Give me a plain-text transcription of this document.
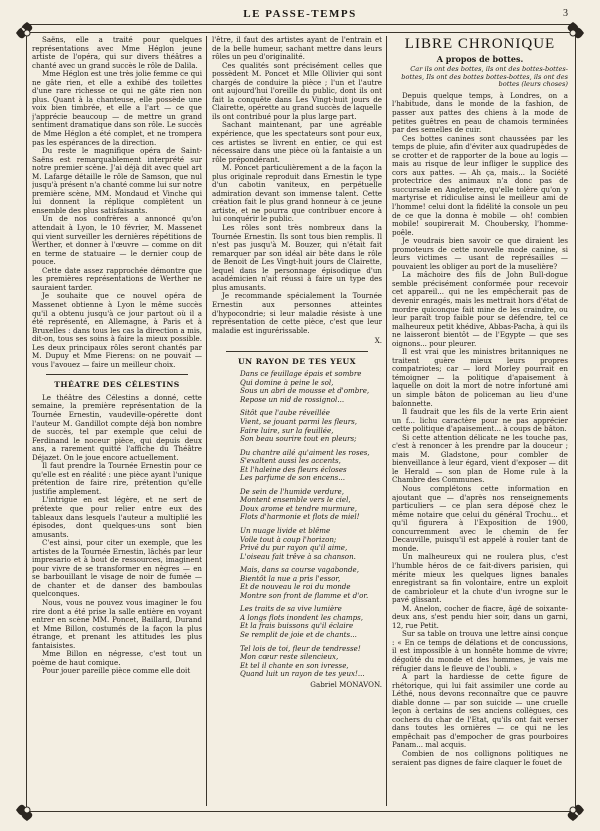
LE PASSE-TEMPS	3

Saëns, elle a traité pour quelques représentations avec Mme Héglon jeune artiste de l'opéra, qui sur divers théâtres a chanté avec un grand succès le rôle de Dalila.

Mme Héglon est une très jolie femme ce qui ne gâte rien, et elle a exhibé des toilettes d'une rare richesse ce qui ne gâte rien non plus. Quant à la chanteuse, elle possède une voix bien timbrée, et elle a l'art — ce que j'apprécie beaucoup — de mettre un grand sentiment dramatique dans son rôle. Le succès de Mme Héglon a été complet, et ne trompera pas les espérances de la direction.

Du reste le magnifique opéra de Saint-Saëns est remarquablement interprété sur notre premier scène. J'ai déjà dit avec quel art M. Lafarge détaille le rôle de Samson, que nul jusqu'à présent n'a chanté comme lui sur notre première scène, MM. Mondaud et Vinche qui lui donnent la réplique complètent un ensemble des plus satisfaisants.

Un de nos confrères a annoncé qu'on attendait à Lyon, le 10 février, M. Massenet qui vient surveiller les dernières répétitions de Werther, et donner à l'œuvre — comme on dit en terme de statuaire — le dernier coup de pouce.

Cette date assez rapprochée démontre que les premières représentations de Werther ne sauraient tarder.

Je souhaite que ce nouvel opéra de Massenet obtienne à Lyon le même succès qu'il a obtenu jusqu'à ce jour partout où il a été représenté, en Allemagne, à Paris et à Bruxelles : dans tous les cas la direction a mis, dit-on, tous ses soins à faire la mieux possible. Les deux principaux rôles seront chantés par M. Dupuy et Mme Fierens: on ne pouvait — vous l'avouez — faire un meilleur choix.

THÉATRE DES CÉLESTINS

Le théâtre des Célestins a donné, cette semaine, la première représentation de la Tournée Ernestin, vaudeville-opérette dont l'auteur M. Gandillot compte déjà bon nombre de succès, tel par exemple que celui de Ferdinand le noceur pièce, qui depuis deux ans, a rarement quitté l'affiche du Théâtre Déjazet. On le joue encore actuellement.

Il faut prendre la Tournée Ernestin pour ce qu'elle est en réalité : une pièce ayant l'unique prétention de faire rire, prétention qu'elle justifie amplement.

L'intrigue en est légère, et ne sert de prétexte que pour relier entre eux des tableaux dans lesquels l'auteur a multiplié les épisodes, dont quelques-uns sont bien amusants.

C'est ainsi, pour citer un exemple, que les artistes de la Tournée Ernestin, lâchés par leur impresario et à bout de ressources, imaginent pour vivre de se transformer en nègres — en se barbouillant le visage de noir de fumée — de chanter et de danser des bamboulas quelconques.

Nous, vous ne pouvez vous imaginer le fou rire dont a été prise la salle entière en voyant entrer en scène MM. Poncet, Baillard, Durand et Mme Billon, costumés de la façon la plus étrange, et prenant les attitudes les plus fantaisistes.

Mme Billon en négresse, c'est tout un poème de haut comique.

Pour jouer pareille pièce comme elle doit

l'être, il faut des artistes ayant de l'entrain et de la belle humeur, sachant mettre dans leurs rôles un peu d'originalité.

Ces qualités sont précisément celles que possèdent M. Poncet et Mlle Ollivier qui sont chargés de conduire la pièce ; l'un et l'autre ont aujourd'hui l'oreille du public, dont ils ont fait la conquête dans Les Vingt-huit jours de Clairette, opérette au grand succès de laquelle ils ont contribué pour la plus large part.

Sachant maintenant, par une agréable expérience, que les spectateurs sont pour eux, ces artistes se livrent en entier, ce qui est nécessaire dans une pièce où la fantaisie a un rôle prépondérant.

M. Poncet particulièrement a de la façon la plus originale reproduit dans Ernestin le type d'un cabotin vaniteux, en perpétuelle admiration devant son immense talent. Cette création fait le plus grand honneur à ce jeune artiste, et ne pourra que contribuer encore à lui conquérir le public.

Les rôles sont très nombreux dans la Tournée Ernestin. Ils sont tous bien remplis. Il n'est pas jusqu'à M. Bouzer, qui n'était fait remarquer par son idéal air bête dans le rôle de Benoit de Les Vingt-huit jours de Clairette, lequel dans le personnage épisodique d'un académicien n'ait réussi à faire un type des plus amusants.

Je recommande spécialement la Tournée Ernestin aux personnes atteintes d'hypocondrie; si leur maladie résiste à une représentation de cette pièce, c'est que leur maladie est ingurérissable.

X.
UN RAYON DE TES YEUX

Dans ce feuillage épais et sombre

Qui domine à peine le sol,

Sous un abri de mousse et d'ombre,

Repose un nid de rossignol...

Sitôt que l'aube réveillée

Vient, se jouant parmi les fleurs,

Faire luire, sur la feuillée,

Son beau sourire tout en pleurs;

Du chantre ailé qu'aiment les roses,

S'exaltent aussi les accents,

Et l'haleine des fleurs écloses

Les parfume de son encens...

De sein de l'humide verdure,

Montent ensemble vers le ciel,

Doux arome et tendre murmure,

Flots d'harmonie et flots de miel!

Un nuage livide et blême

Voile tout à coup l'horizon;

Privé du pur rayon qu'il aime,

L'oiseau fait trêve à sa chanson.

Mais, dans sa course vagabonde,

Bientôt la nue a pris l'essor,

Et de nouveau le roi du monde

Montre son front de flamme et d'or.

Les traits de sa vive lumière

A longs flots inondent les champs,

Et la frais buissons qu'il éclaire

Se remplit de joie et de chants...

Tel lois de toi, fleur de tendresse!

Mon cœur reste silencieux,

Et tel il chante en son ivresse,

Quand luit un rayon de tes yeux!...

Gabriel MONAVON.
LIBRE CHRONIQUE
A propos de bottes.
Car ils ont des bottes, ils ont des bottes-bottes-bottes, Ils ont des bottes bottes-bottes, ils ont des bottes (leurs choses)

Depuis quelque temps, à Londres, on a l'habitude, dans le monde de la fashion, de passer aux pattes des chiens à la mode de petites guêtres en peau de chamois terminées par des semelles de cuir.

Ces bottes canines sont chaussées par les temps de pluie, afin d'éviter aux quadrupèdes de se crotter et de rapporter de la boue au logis — mais au risque de leur infliger le supplice des cors aux pattes. — Ah ça, mais... la Société protectrice des animaux n'a donc pas de succursale en Angleterre, qu'elle tolère qu'on y martyrise et ridiculise ainsi le meilleur ami de l'homme! celui dont la fidélité la console un peu de ce que la donna è mobile — oh! combien mobile! soupirerait M. Choubersky, l'homme-poêle.

Je voudrais bien savoir ce que diraient les promoteurs de cette nouvelle mode canine, si leurs victimes — usant de représailles — pouvaient les obliger au port de la muselière?

La mâchoire des fils de John Bull-dogue semble précisément conformée pour recevoir cet appareil... qui ne les empêcherait pas de devenir enragés, mais les mettrait hors d'état de mordre quiconque fait mine de les craindre, ou leur paraît trop faible pour se défendre, tel ce malheureux petit khédive, Abbas-Pacha, à qui ils ne laisseront bientôt — de l'Egypte — que ses oignons... pour pleurer.

Il est vrai que les ministres britanniques ne traitent guère mieux leurs propres compatriotes; car — lord Morley pourrait en témoigner — la politique d'apaisement à laquelle on doit la mort de notre infortuné ami un simple bâton de policeman au lieu d'une baïonnette.

Il faudrait que les fils de la verte Erin aient un f... lichu caractère pour ne pas apprécier cette politique d'apaisement... à coups de bâton.

Si cette attention délicate ne les touche pas, c'est à renoncer à les prendre par la douceur ; mais M. Gladstone, pour combler de bienveillance à leur égard, vient d'exposer — dit le Herald — son plan de Home rule à la Chambre des Communes.

Nous complétons cette information en ajoutant que — d'après nos renseignements particuliers — ce plan sera déposé chez le même notaire que celui du général Trochu... et qu'il figurera à l'Exposition de 1900, concurremment avec le chemin de fer Decauville, puisqu'il est appelé à rouler tant de monde.

Un malheureux qui ne roulera plus, c'est l'humble héros de ce fait-divers parisien, qui mérite mieux les quelques lignes banales enregistrant sa fin volontaire, entre un exploit de cambrioleur et la chute d'un ivrogne sur le pavé glissant.

M. Anelon, cocher de fiacre, âgé de soixante-deux ans, s'est pendu hier soir, dans un garni, 12, rue Petit.

Sur sa table on trouva une lettre ainsi conçue : « En ce temps de délations et de concussions, il est impossible à un honnête homme de vivre; dégoûté du monde et des hommes, je vais me réfugier dans le fleuve de l'oubli. »

A part la hardiesse de cette figure de rhétorique, qui lui fait assimiler une corde au Léthé, nous devons reconnaître que ce pauvre diable donne — par son suicide — une cruelle leçon à certains de ses anciens collègues, ces cochers du char de l'Etat, qu'ils ont fait verser dans toutes les ornières — ce qui ne les empêchait pas d'empocher de gras pourboires Panam... mal acquis.

Combien de nos collignons politiques ne seraient pas dignes de faire claquer le fouet de
